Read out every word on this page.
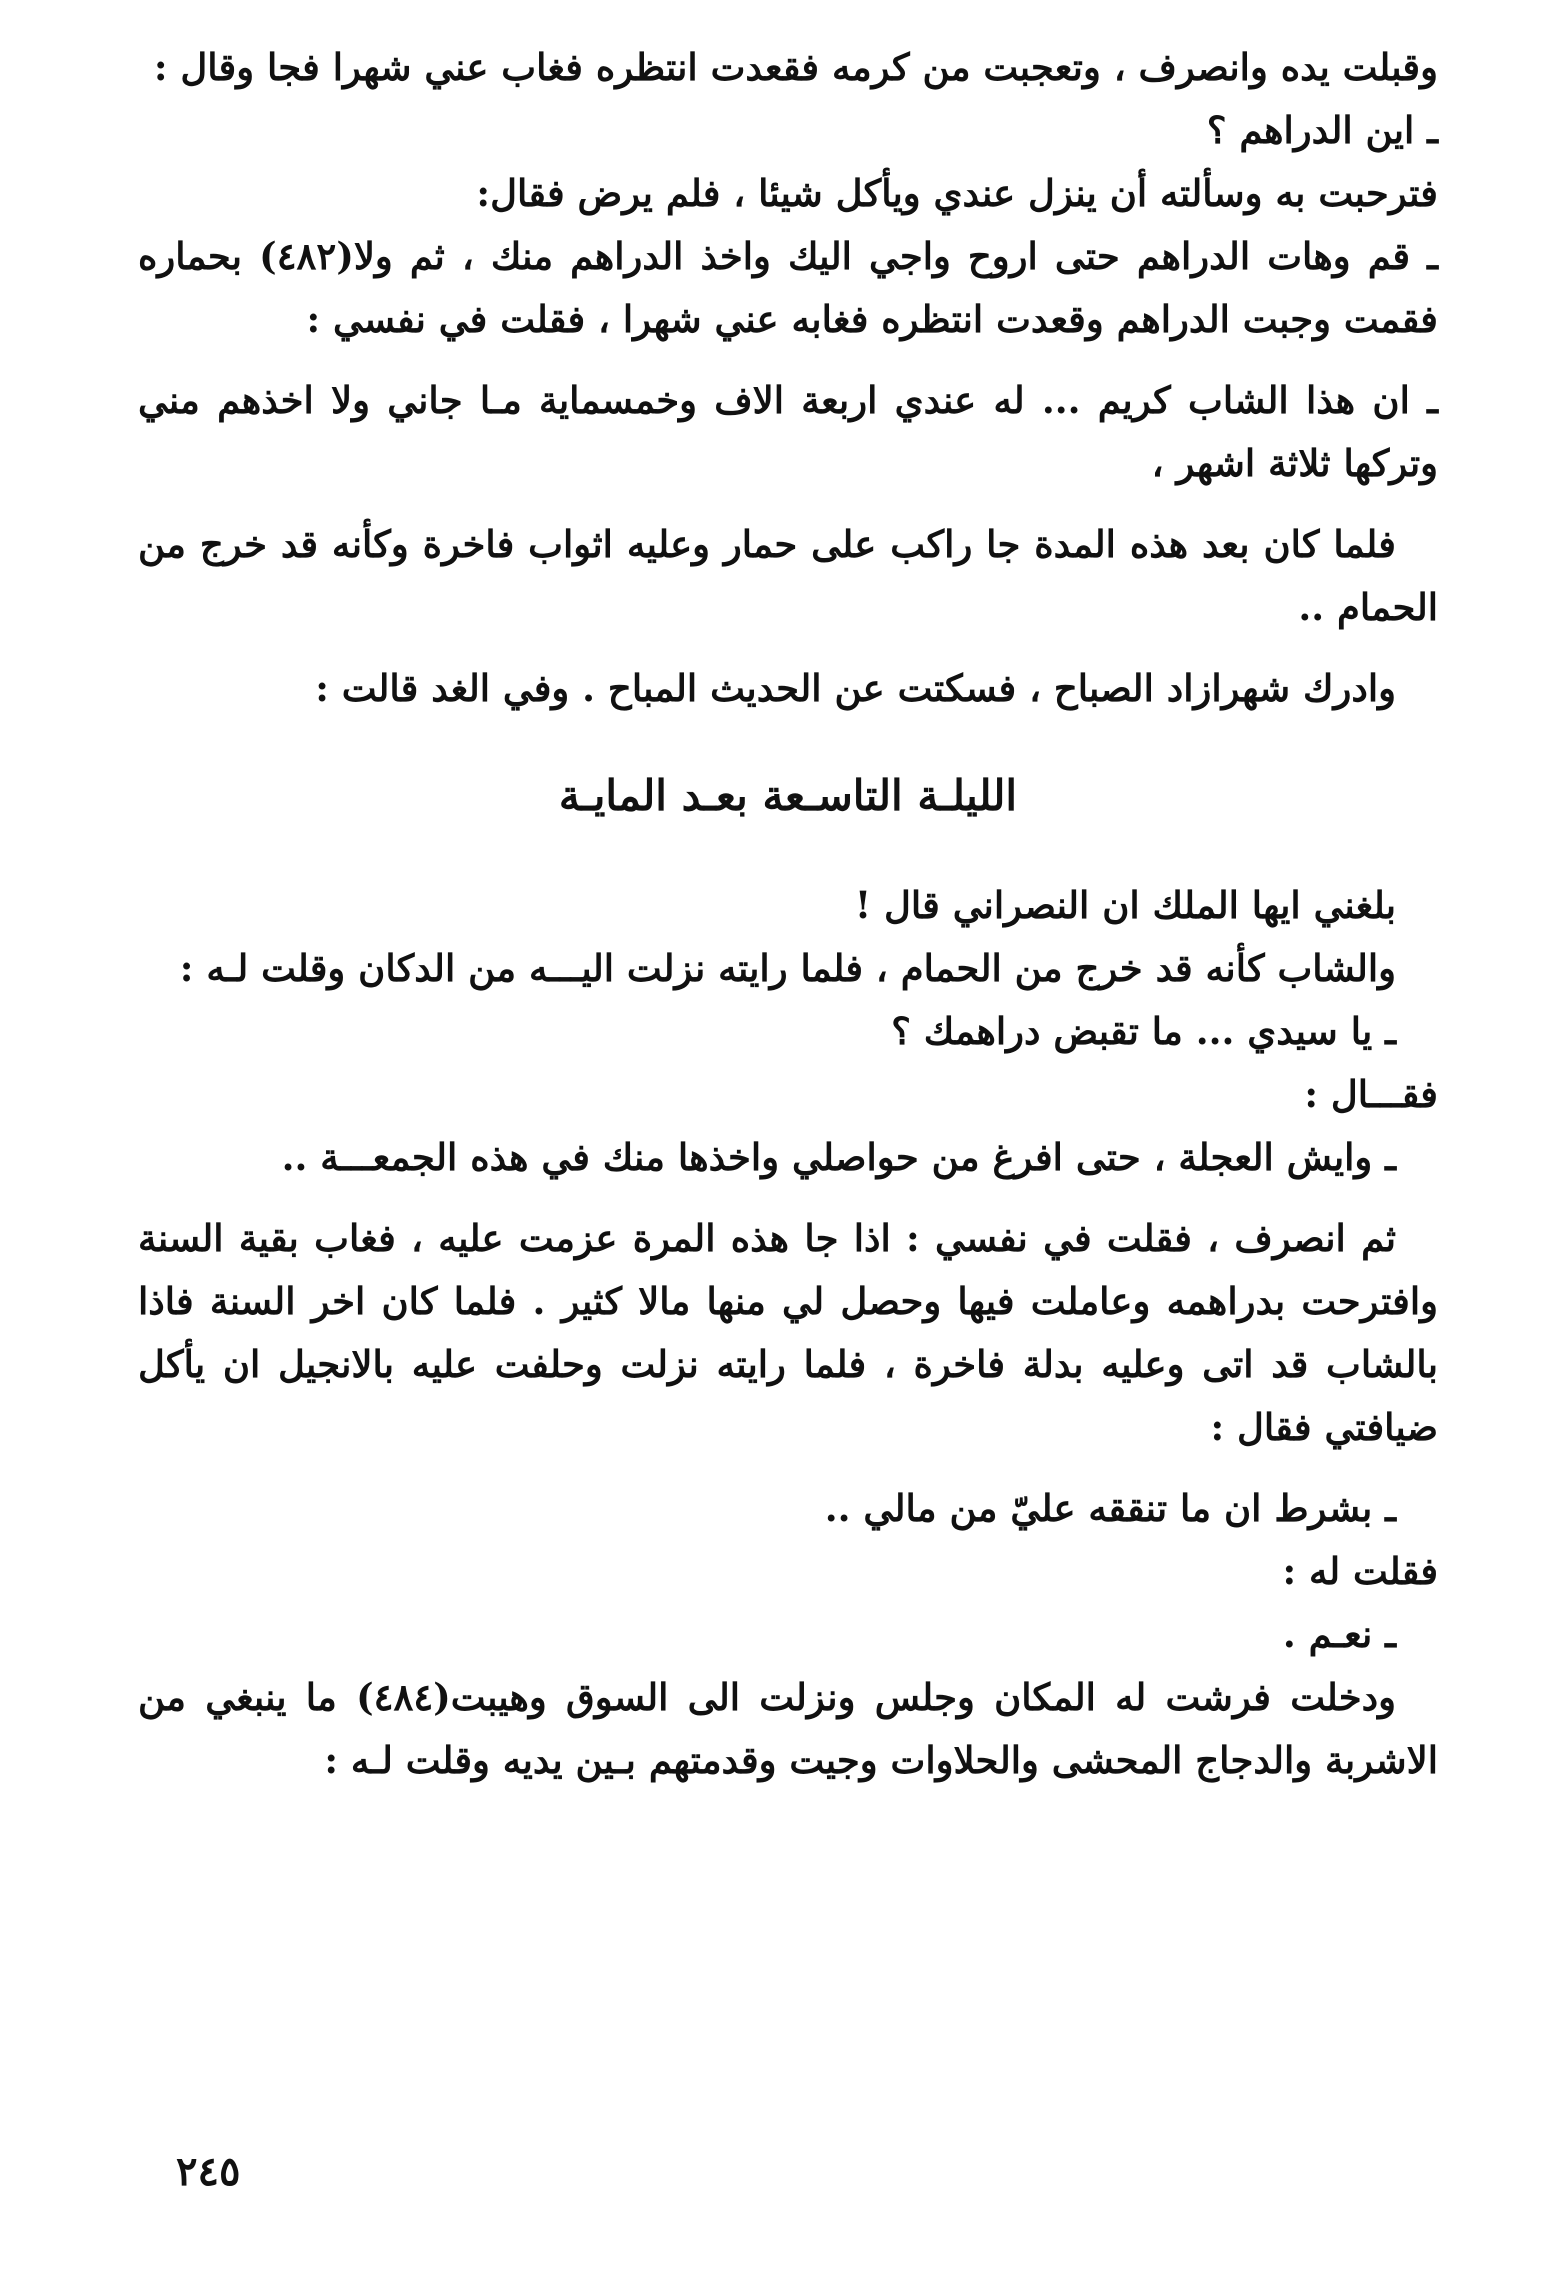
وقبلت يده وانصرف ، وتعجبت من كرمه فقعدت انتظره فغاب عني شهرا فجا وقال :

ـ اين الدراهم ؟

فترحبت به وسألته أن ينزل عندي ويأكل شيئا ، فلم يرض فقال:

ـ قم وهات الدراهم حتى اروح واجي اليك واخذ الدراهم منك ، ثم ولا(٤٨٢) بحماره فقمت وجبت الدراهم وقعدت انتظره فغابه عني شهرا ، فقلت في نفسي :

ـ ان هذا الشاب كريم ... له عندي اربعة الاف وخمسماية مـا جاني ولا اخذهم مني وتركها ثلاثة اشهر ،

فلما كان بعد هذه المدة جا راكب على حمار وعليه اثواب فاخرة وكأنه قد خرج من الحمام ..

وادرك شهرازاد الصباح ، فسكتت عن الحديث المباح . وفي الغد قالت :

الليلـة التاسـعة بعـد المايـة

بلغني ايها الملك ان النصراني قال !

والشاب كأنه قد خرج من الحمام ، فلما رايته نزلت اليـــه من الدكان وقلت لـه :

ـ يا سيدي ... ما تقبض دراهمك ؟

فقـــال :

ـ وايش العجلة ، حتى افرغ من حواصلي واخذها منك في هذه الجمعـــة ..

ثم انصرف ، فقلت في نفسي : اذا جا هذه المرة عزمت عليه ، فغاب بقية السنة وافترحت بدراهمه وعاملت فيها وحصل لي منها مالا كثير . فلما كان اخر السنة فاذا بالشاب قد اتى وعليه بدلة فاخرة ، فلما رايته نزلت وحلفت عليه بالانجيل ان يأكل ضيافتي فقال :

ـ بشرط ان ما تنققه عليّ من مالي ..

فقلت له :

ـ نعـم .

ودخلت فرشت له المكان وجلس ونزلت الى السوق وهيبت(٤٨٤) ما ينبغي من الاشربة والدجاج المحشى والحلاوات وجيت وقدمتهم بـين يديه وقلت لـه :

٢٤٥
